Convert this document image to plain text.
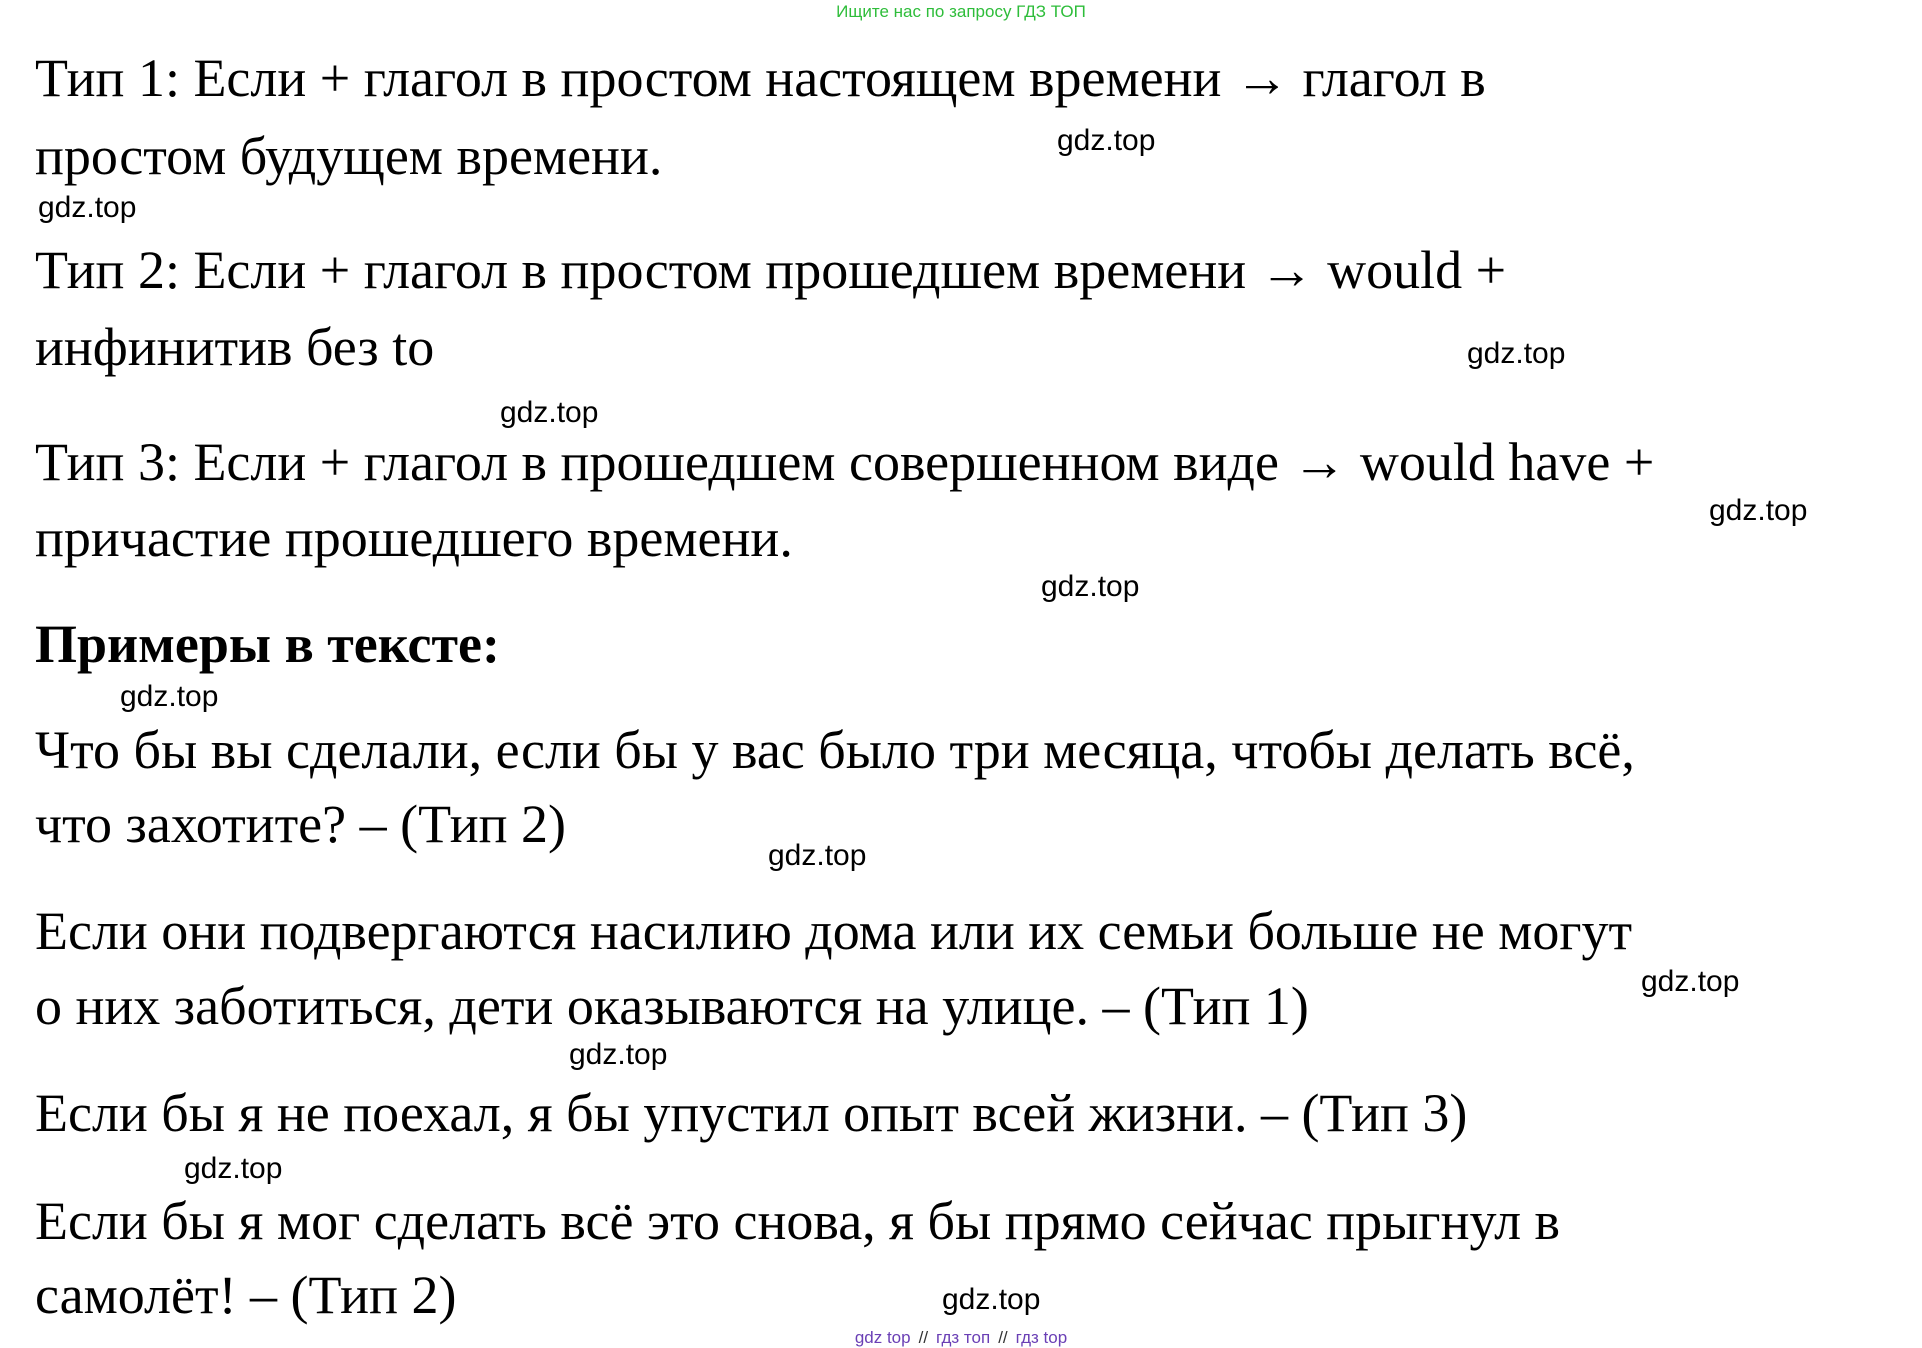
Ищите нас по запросу ГДЗ ТОП

Тип 1: Если + глагол в простом настоящем времени → глагол в

простом будущем времени.

Тип 2: Если + глагол в простом прошедшем времени → would +

инфинитив без to

Тип 3: Если + глагол в прошедшем совершенном виде → would have +

причастие прошедшего времени.

Примеры в тексте:

Что бы вы сделали, если бы у вас было три месяца, чтобы делать всё,

что захотите? – (Тип 2)

Если они подвергаются насилию дома или их семьи больше не могут

о них заботиться, дети оказываются на улице. – (Тип 1)

Если бы я не поехал, я бы упустил опыт всей жизни. – (Тип 3)

Если бы я мог сделать всё это снова, я бы прямо сейчас прыгнул в

самолёт! – (Тип 2)

gdz.top
gdz.top
gdz.top
gdz.top
gdz.top
gdz.top
gdz.top
gdz.top
gdz.top
gdz.top
gdz.top
gdz.top
gdz top // гдз топ // гдз top
